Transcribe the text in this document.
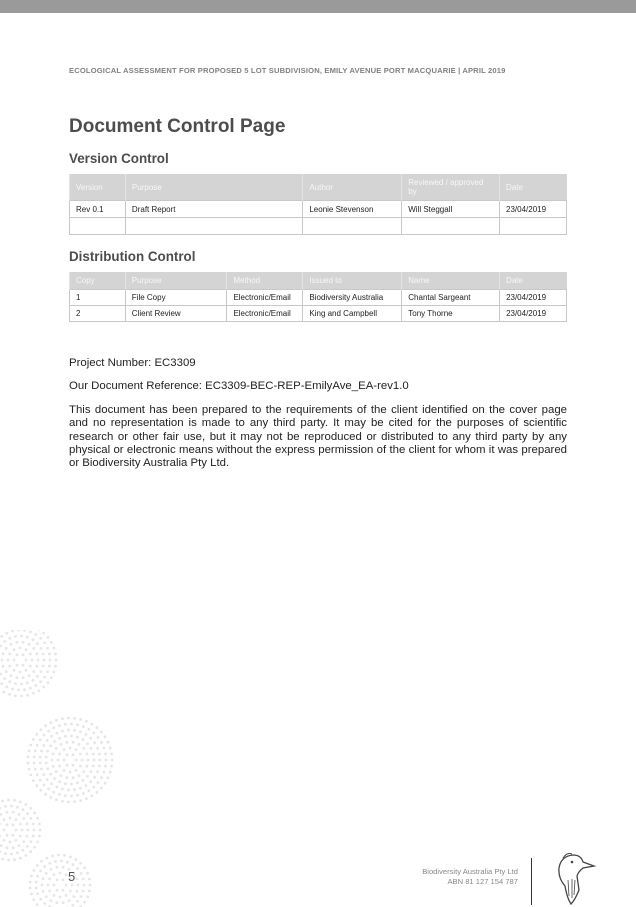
ECOLOGICAL ASSESSMENT FOR PROPOSED 5 LOT SUBDIVISION, EMILY AVENUE PORT MACQUARIE | APRIL 2019
Document Control Page
Version Control
Version	Purpose	Author	Reviewed / approved by	Date
Rev 0.1	Draft Report	Leonie Stevenson	Will Steggall	23/04/2019

Distribution Control
Copy	Purpose	Method	Issued to	Name	Date
1	File Copy	Electronic/Email	Biodiversity Australia	Chantal Sargeant	23/04/2019
2	Client Review	Electronic/Email	King and Campbell	Tony Thorne	23/04/2019

Project Number: EC3309

Our Document Reference: EC3309-BEC-REP-EmilyAve_EA-rev1.0

This document has been prepared to the requirements of the client identified on the cover page and no representation is made to any third party. It may be cited for the purposes of scientific research or other fair use, but it may not be reproduced or distributed to any third party by any physical or electronic means without the express permission of the client for whom it was prepared or Biodiversity Australia Pty Ltd.

5	Biodiversity Australia Pty Ltd
ABN 81 127 154 787
